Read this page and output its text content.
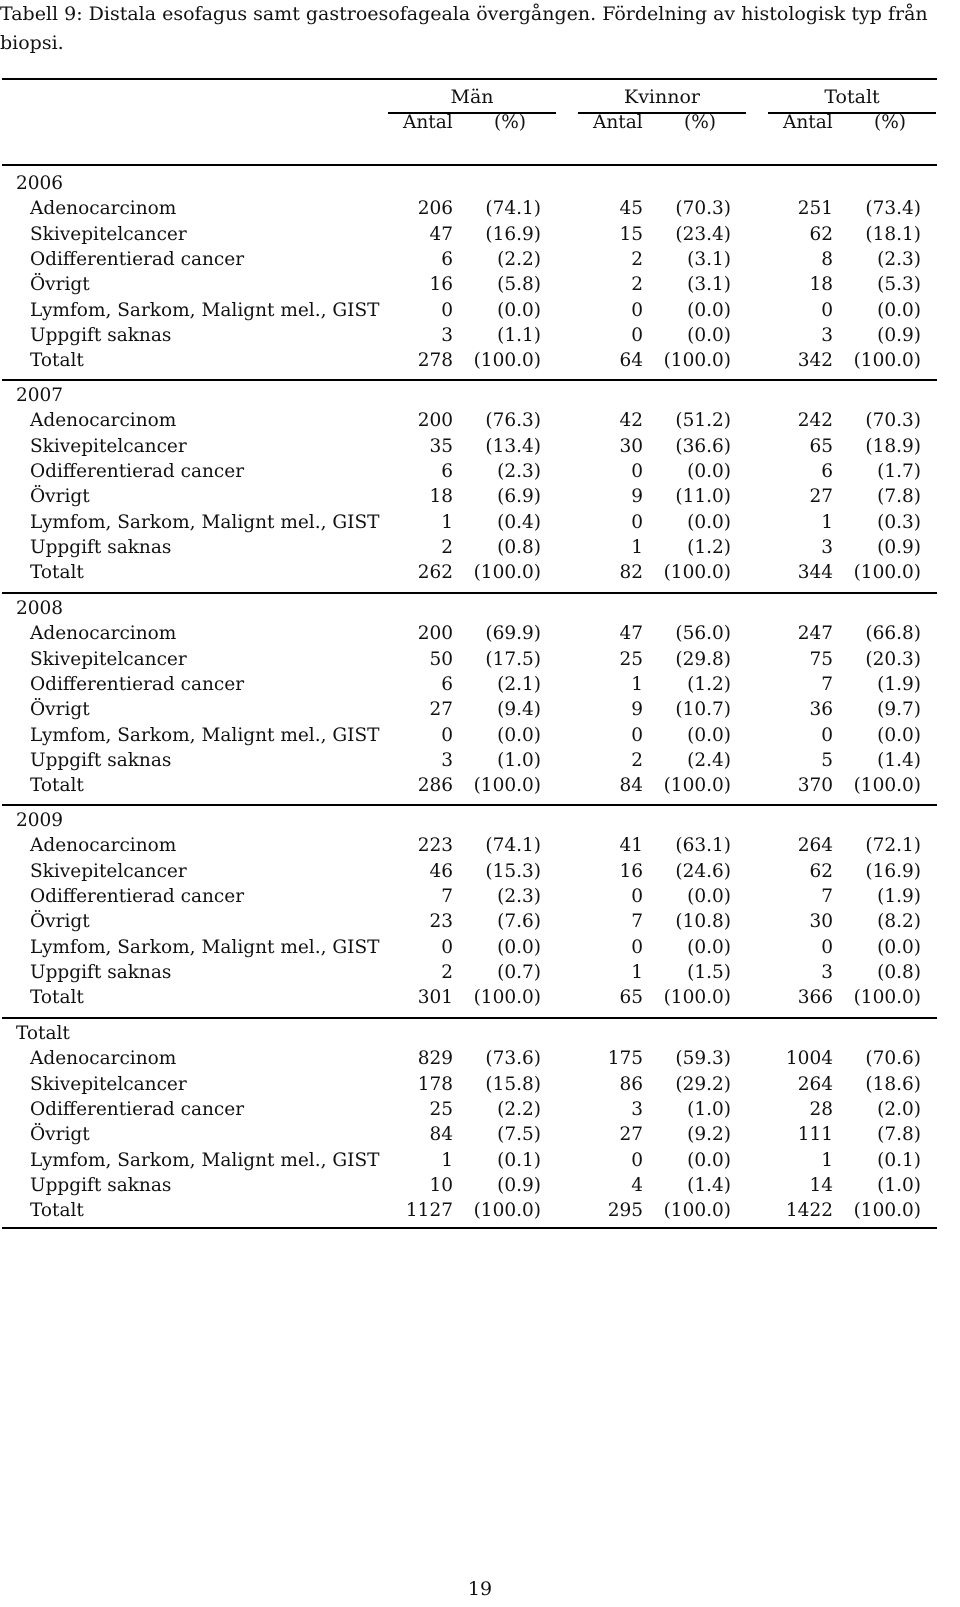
Tabell 9: Distala esofagus samt gastroesofageala övergången. Fördelning av histologisk typ från biopsi.
Män	Kvinnor	Totalt
Antal (%)	Antal (%)	Antal (%)
2006
Adenocarcinom	206	(74.1)	45	(70.3)	251	(73.4)
Skivepitelcancer	47	(16.9)	15	(23.4)	62	(18.1)
Odifferentierad cancer	6	(2.2)	2	(3.1)	8	(2.3)
Övrigt	16	(5.8)	2	(3.1)	18	(5.3)
Lymfom, Sarkom, Malignt mel., GIST	0	(0.0)	0	(0.0)	0	(0.0)
Uppgift saknas	3	(1.1)	0	(0.0)	3	(0.9)
Totalt	278	(100.0)	64	(100.0)	342	(100.0)
2007
Adenocarcinom	200	(76.3)	42	(51.2)	242	(70.3)
Skivepitelcancer	35	(13.4)	30	(36.6)	65	(18.9)
Odifferentierad cancer	6	(2.3)	0	(0.0)	6	(1.7)
Övrigt	18	(6.9)	9	(11.0)	27	(7.8)
Lymfom, Sarkom, Malignt mel., GIST	1	(0.4)	0	(0.0)	1	(0.3)
Uppgift saknas	2	(0.8)	1	(1.2)	3	(0.9)
Totalt	262	(100.0)	82	(100.0)	344	(100.0)
2008
Adenocarcinom	200	(69.9)	47	(56.0)	247	(66.8)
Skivepitelcancer	50	(17.5)	25	(29.8)	75	(20.3)
Odifferentierad cancer	6	(2.1)	1	(1.2)	7	(1.9)
Övrigt	27	(9.4)	9	(10.7)	36	(9.7)
Lymfom, Sarkom, Malignt mel., GIST	0	(0.0)	0	(0.0)	0	(0.0)
Uppgift saknas	3	(1.0)	2	(2.4)	5	(1.4)
Totalt	286	(100.0)	84	(100.0)	370	(100.0)
2009
Adenocarcinom	223	(74.1)	41	(63.1)	264	(72.1)
Skivepitelcancer	46	(15.3)	16	(24.6)	62	(16.9)
Odifferentierad cancer	7	(2.3)	0	(0.0)	7	(1.9)
Övrigt	23	(7.6)	7	(10.8)	30	(8.2)
Lymfom, Sarkom, Malignt mel., GIST	0	(0.0)	0	(0.0)	0	(0.0)
Uppgift saknas	2	(0.7)	1	(1.5)	3	(0.8)
Totalt	301	(100.0)	65	(100.0)	366	(100.0)
Totalt
Adenocarcinom	829	(73.6)	175	(59.3)	1004	(70.6)
Skivepitelcancer	178	(15.8)	86	(29.2)	264	(18.6)
Odifferentierad cancer	25	(2.2)	3	(1.0)	28	(2.0)
Övrigt	84	(7.5)	27	(9.2)	111	(7.8)
Lymfom, Sarkom, Malignt mel., GIST	1	(0.1)	0	(0.0)	1	(0.1)
Uppgift saknas	10	(0.9)	4	(1.4)	14	(1.0)
Totalt	1127	(100.0)	295	(100.0)	1422	(100.0)
19
